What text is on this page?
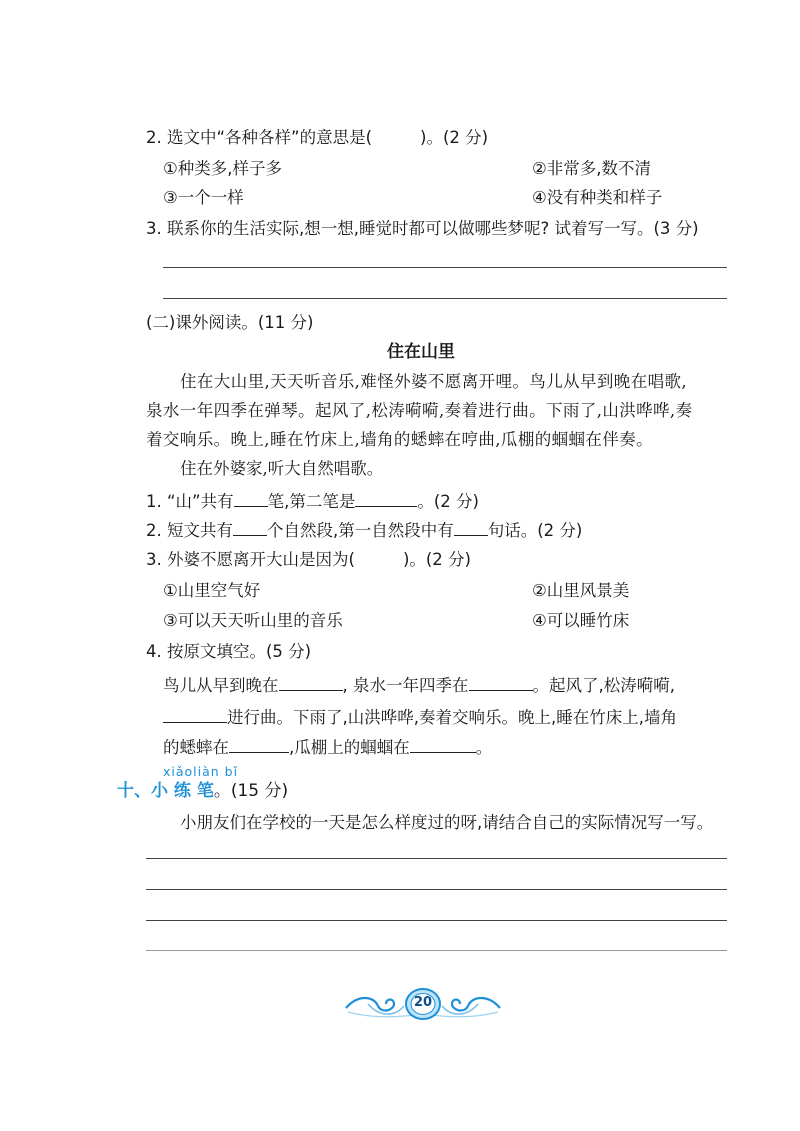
2. 选文中“各种各样”的意思是(	)。(2 分)
①种类多,样子多	②非常多,数不清
③一个一样	④没有种类和样子
3. 联系你的生活实际,想一想,睡觉时都可以做哪些梦呢? 试着写一写。(3 分)
(二)课外阅读。(11 分)
住在山里
住在大山里,天天听音乐,难怪外婆不愿离开哩。鸟儿从早到晚在唱歌,
泉水一年四季在弹琴。起风了,松涛嗬嗬,奏着进行曲。下雨了,山洪哗哗,奏
着交响乐。晚上,睡在竹床上,墙角的蟋蟀在哼曲,瓜棚的蝈蝈在伴奏。
住在外婆家,听大自然唱歌。
1. “山”共有 笔,第二笔是	。(2 分)
2. 短文共有 个自然段,第一自然段中有 句话。(2 分)
3. 外婆不愿离开大山是因为(	)。(2 分)
①山里空气好	②山里风景美
③可以天天听山里的音乐	④可以睡竹床
4. 按原文填空。(5 分)
鸟儿从早到晚在	, 泉水一年四季在	。起风了,松涛嗬嗬,
进行曲。下雨了,山洪哗哗,奏着交响乐。晚上,睡在竹床上,墙角
的蟋蟀在	,瓜棚上的蝈蝈在	。
xiǎoliàn bǐ
十、小 练 笔。(15 分)
小朋友们在学校的一天是怎么样度过的呀,请结合自己的实际情况写一写。
20
